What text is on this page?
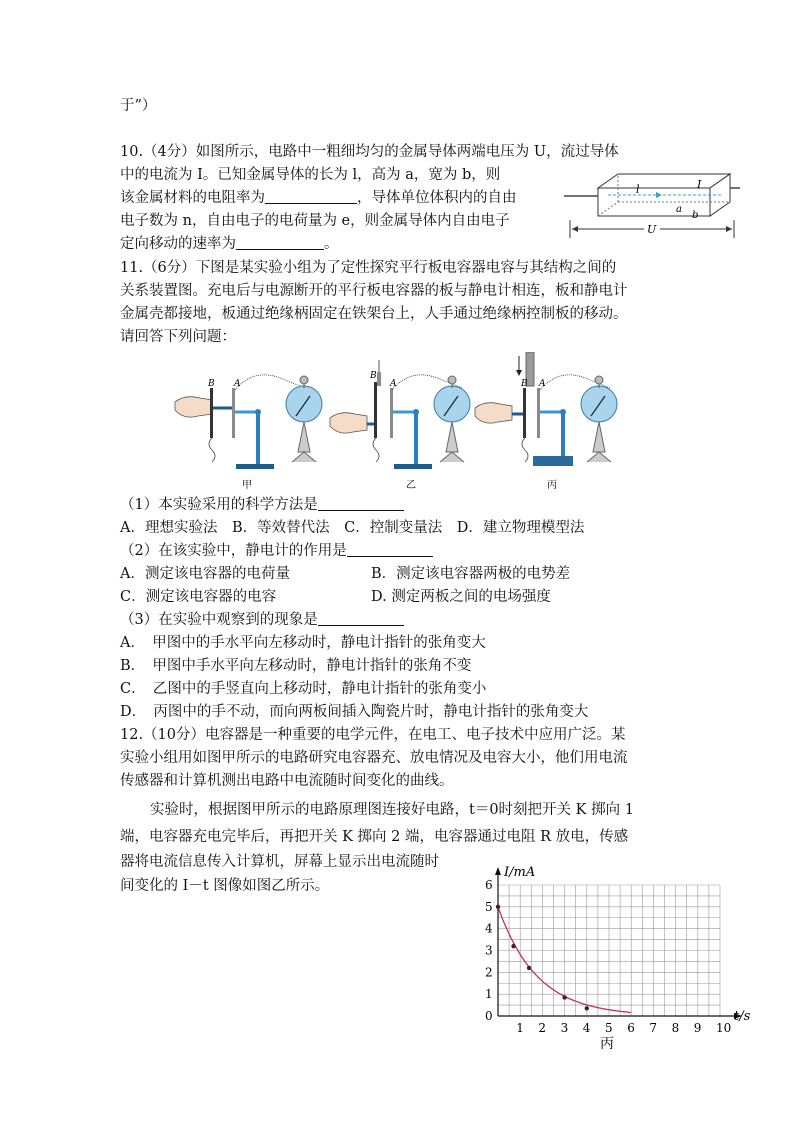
于”）
10.（4分）如图所示，电路中一粗细均匀的金属导体两端电压为 U，流过导体
中的电流为 I。已知金属导体的长为 l，高为 a，宽为 b，则
该金属材料的电阻率为	，导体单位体积内的自由
电子数为 n，自由电子的电荷量为 e，则金属导体内自由电子
定向移动的速率为	。
l	I
a
b
U
11.（6分）下图是某实验小组为了定性探究平行板电容器电容与其结构之间的
关系装置图。充电后与电源断开的平行板电容器的板与静电计相连，板和静电计
金属壳都接地，板通过绝缘柄固定在铁架台上，人手通过绝缘柄控制板的移动。
请回答下列问题：
B A
甲
B
A
乙
B A
丙
（1）本实验采用的科学方法是
A．理想实验法　B．等效替代法　C．控制变量法　D．建立物理模型法
（2）在该实验中，静电计的作用是
A．测定该电容器的电荷量	B．测定该电容器两极的电势差
C．测定该电容器的电容	D. 测定两板之间的电场强度
（3）在实验中观察到的现象是
A．　甲图中的手水平向左移动时，静电计指针的张角变大
B．　甲图中手水平向左移动时，静电计指针的张角不变
C．　乙图中的手竖直向上移动时，静电计指针的张角变小
D．　丙图中的手不动，而向两板间插入陶瓷片时，静电计指针的张角变大
12.（10分）电容器是一种重要的电学元件，在电工、电子技术中应用广泛。某
实验小组用如图甲所示的电路研究电容器充、放电情况及电容大小，他们用电流
传感器和计算机测出电路中电流随时间变化的曲线。
实验时，根据图甲所示的电路原理图连接好电路，t＝0时刻把开关 K 掷向 1
端，电容器充电完毕后，再把开关 K 掷向 2 端，电容器通过电阻 R 放电，传感
器将电流信息传入计算机，屏幕上显示出电流随时
间变化的 I－t 图像如图乙所示。
1 2 3 4 5 6 7 8 9 10
0
1
2
3
4
5
6
I/mA
t/s
丙
